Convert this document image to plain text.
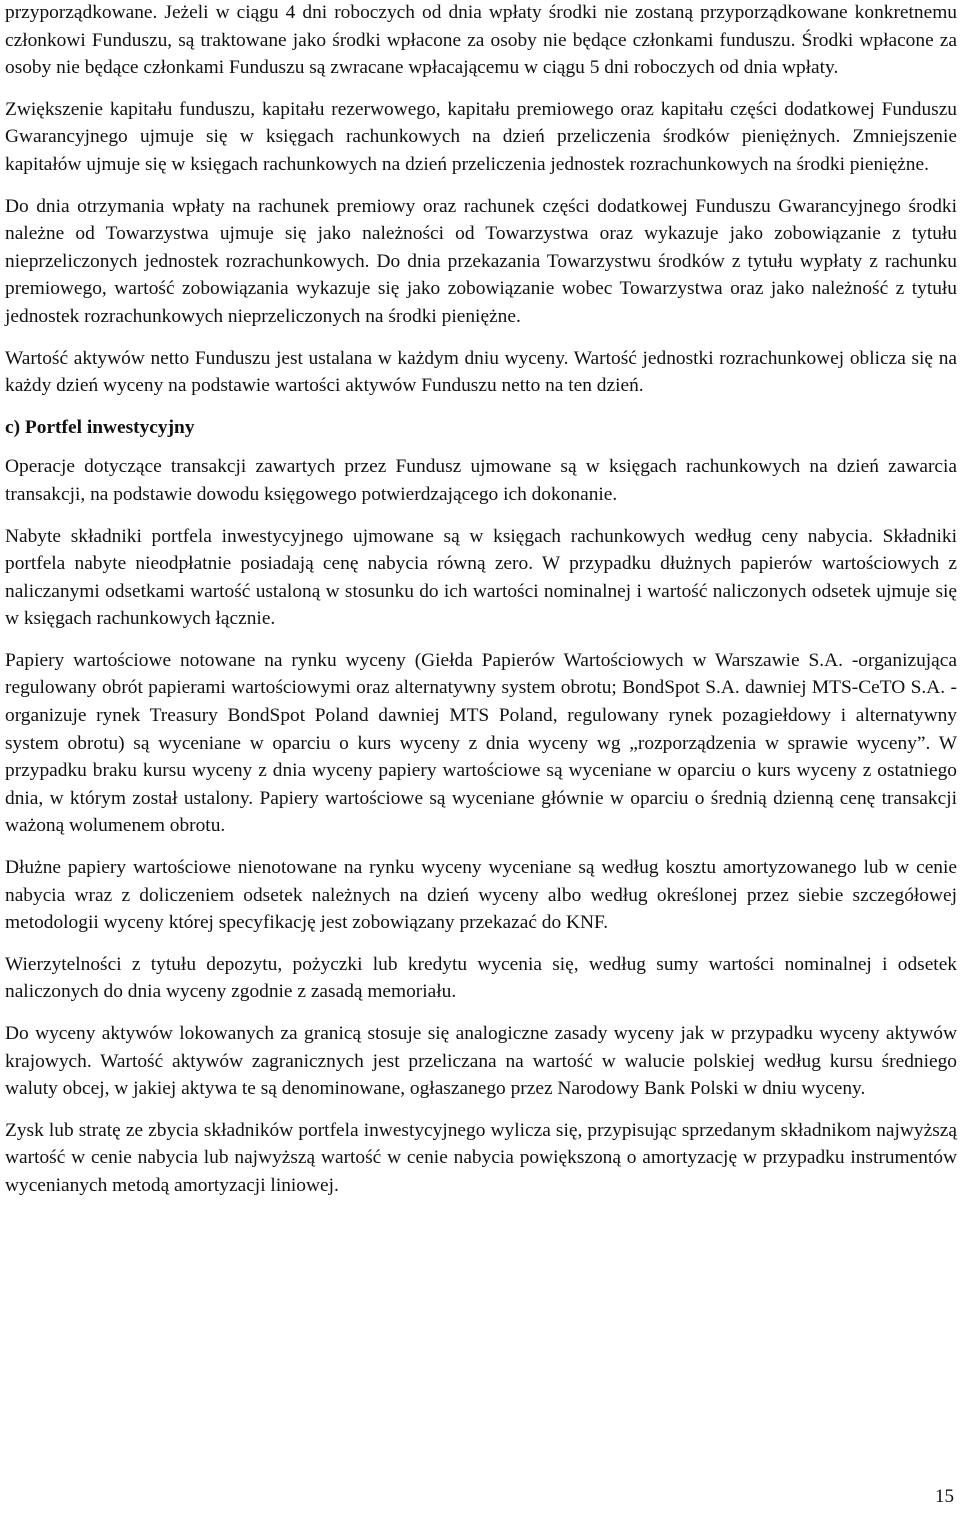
przyporządkowane. Jeżeli w ciągu 4 dni roboczych od dnia wpłaty środki nie zostaną przyporządkowane konkretnemu członkowi Funduszu, są traktowane jako środki wpłacone za osoby nie będące członkami funduszu. Środki wpłacone za osoby nie będące członkami Funduszu są zwracane wpłacającemu w ciągu 5 dni roboczych od dnia wpłaty.

Zwiększenie kapitału funduszu, kapitału rezerwowego, kapitału premiowego oraz kapitału części dodatkowej Funduszu Gwarancyjnego ujmuje się w księgach rachunkowych na dzień przeliczenia środków pieniężnych. Zmniejszenie kapitałów ujmuje się w księgach rachunkowych na dzień przeliczenia jednostek rozrachunkowych na środki pieniężne.

Do dnia otrzymania wpłaty na rachunek premiowy oraz rachunek części dodatkowej Funduszu Gwarancyjnego środki należne od Towarzystwa ujmuje się jako należności od Towarzystwa oraz wykazuje jako zobowiązanie z tytułu nieprzeliczonych jednostek rozrachunkowych. Do dnia przekazania Towarzystwu środków z tytułu wypłaty z rachunku premiowego, wartość zobowiązania wykazuje się jako zobowiązanie wobec Towarzystwa oraz jako należność z tytułu jednostek rozrachunkowych nieprzeliczonych na środki pieniężne.

Wartość aktywów netto Funduszu jest ustalana w każdym dniu wyceny. Wartość jednostki rozrachunkowej oblicza się na każdy dzień wyceny na podstawie wartości aktywów Funduszu netto na ten dzień.

c) Portfel inwestycyjny

Operacje dotyczące transakcji zawartych przez Fundusz ujmowane są w księgach rachunkowych na dzień zawarcia transakcji, na podstawie dowodu księgowego potwierdzającego ich dokonanie.

Nabyte składniki portfela inwestycyjnego ujmowane są w księgach rachunkowych według ceny nabycia. Składniki portfela nabyte nieodpłatnie posiadają cenę nabycia równą zero. W przypadku dłużnych papierów wartościowych z naliczanymi odsetkami wartość ustaloną w stosunku do ich wartości nominalnej i wartość naliczonych odsetek ujmuje się w księgach rachunkowych łącznie.

Papiery wartościowe notowane na rynku wyceny (Giełda Papierów Wartościowych w Warszawie S.A. -organizująca regulowany obrót papierami wartościowymi oraz alternatywny system obrotu; BondSpot S.A. dawniej MTS-CeTO S.A. - organizuje rynek Treasury BondSpot Poland dawniej MTS Poland, regulowany rynek pozagiełdowy i alternatywny system obrotu) są wyceniane w oparciu o kurs wyceny z dnia wyceny wg „rozporządzenia w sprawie wyceny”. W przypadku braku kursu wyceny z dnia wyceny papiery wartościowe są wyceniane w oparciu o kurs wyceny z ostatniego dnia, w którym został ustalony. Papiery wartościowe są wyceniane głównie w oparciu o średnią dzienną cenę transakcji ważoną wolumenem obrotu.

Dłużne papiery wartościowe nienotowane na rynku wyceny wyceniane są według kosztu amortyzowanego lub w cenie nabycia wraz z doliczeniem odsetek należnych na dzień wyceny albo według określonej przez siebie szczegółowej metodologii wyceny której specyfikację jest zobowiązany przekazać do KNF.

Wierzytelności z tytułu depozytu, pożyczki lub kredytu wycenia się, według sumy wartości nominalnej i odsetek naliczonych do dnia wyceny zgodnie z zasadą memoriału.

Do wyceny aktywów lokowanych za granicą stosuje się analogiczne zasady wyceny jak w przypadku wyceny aktywów krajowych. Wartość aktywów zagranicznych jest przeliczana na wartość w walucie polskiej według kursu średniego waluty obcej, w jakiej aktywa te są denominowane, ogłaszanego przez Narodowy Bank Polski w dniu wyceny.

Zysk lub stratę ze zbycia składników portfela inwestycyjnego wylicza się, przypisując sprzedanym składnikom najwyższą wartość w cenie nabycia lub najwyższą wartość w cenie nabycia powiększoną o amortyzację w przypadku instrumentów wycenianych metodą amortyzacji liniowej.

15
